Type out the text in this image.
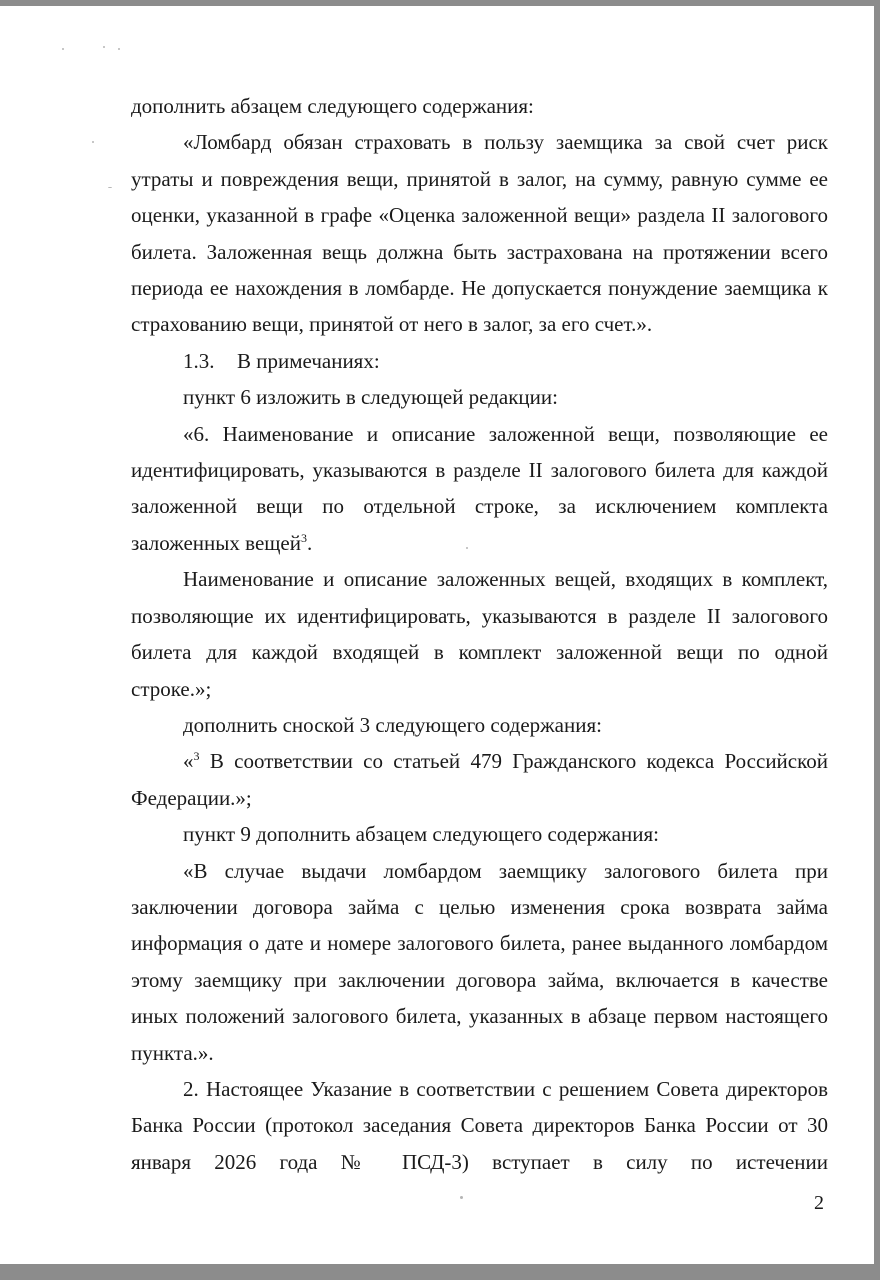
дополнить абзацем следующего содержания:

«Ломбард обязан страховать в пользу заемщика за свой счет риск утраты и повреждения вещи, принятой в залог, на сумму, равную сумме ее оценки, указанной в графе «Оценка заложенной вещи» раздела II залогового билета. Заложенная вещь должна быть застрахована на протяжении всего периода ее нахождения в ломбарде. Не допускается понуждение заемщика к страхованию вещи, принятой от него в залог, за его счет.».

1.3. В примечаниях:

пункт 6 изложить в следующей редакции:

«6. Наименование и описание заложенной вещи, позволяющие ее идентифицировать, указываются в разделе II залогового билета для каждой заложенной вещи по отдельной строке, за исключением комплекта заложенных вещей$^3$.

Наименование и описание заложенных вещей, входящих в комплект, позволяющие их идентифицировать, указываются в разделе II залогового билета для каждой входящей в комплект заложенной вещи по одной строке.»;

дополнить сноской 3 следующего содержания:

«$^3$ В соответствии со статьей 479 Гражданского кодекса Российской Федерации.»;

пункт 9 дополнить абзацем следующего содержания:

«В случае выдачи ломбардом заемщику залогового билета при заключении договора займа с целью изменения срока возврата займа информация о дате и номере залогового билета, ранее выданного ломбардом этому заемщику при заключении договора займа, включается в качестве иных положений залогового билета, указанных в абзаце первом настоящего пункта.».

2. Настоящее Указание в соответствии с решением Совета директоров Банка России (протокол заседания Совета директоров Банка России от 30 января 2026 года № ПСД-3) вступает в силу по истечении

2
